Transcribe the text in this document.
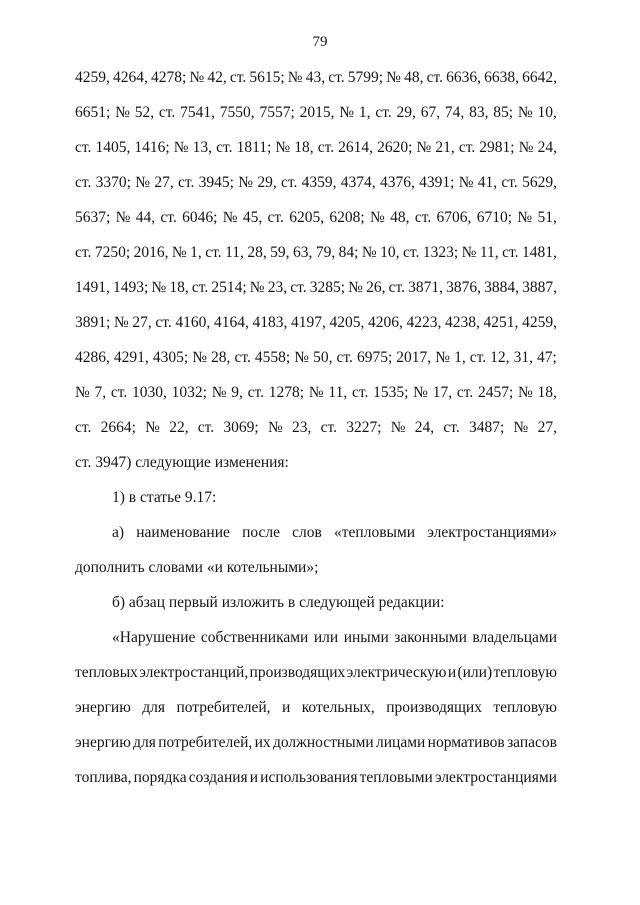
79
4259, 4264, 4278; № 42, ст. 5615; № 43, ст. 5799; № 48, ст. 6636, 6638, 6642,
6651; № 52, ст. 7541, 7550, 7557; 2015, № 1, ст. 29, 67, 74, 83, 85; № 10,
ст. 1405, 1416; № 13, ст. 1811; № 18, ст. 2614, 2620; № 21, ст. 2981; № 24,
ст. 3370; № 27, ст. 3945; № 29, ст. 4359, 4374, 4376, 4391; № 41, ст. 5629,
5637; № 44, ст. 6046; № 45, ст. 6205, 6208; № 48, ст. 6706, 6710; № 51,
ст. 7250; 2016, № 1, ст. 11, 28, 59, 63, 79, 84; № 10, ст. 1323; № 11, ст. 1481,
1491, 1493; № 18, ст. 2514; № 23, ст. 3285; № 26, ст. 3871, 3876, 3884, 3887,
3891; № 27, ст. 4160, 4164, 4183, 4197, 4205, 4206, 4223, 4238, 4251, 4259,
4286, 4291, 4305; № 28, ст. 4558; № 50, ст. 6975; 2017, № 1, ст. 12, 31, 47;
№ 7, ст. 1030, 1032; № 9, ст. 1278; № 11, ст. 1535; № 17, ст. 2457; № 18,
ст. 2664; № 22, ст. 3069; № 23, ст. 3227; № 24, ст. 3487; № 27,
ст. 3947) следующие изменения:
1) в статье 9.17:
а) наименование после слов «тепловыми электростанциями»
дополнить словами «и котельными»;
б) абзац первый изложить в следующей редакции:
«Нарушение собственниками или иными законными владельцами
тепловых электростанций, производящих электрическую и (или) тепловую
энергию для потребителей, и котельных, производящих тепловую
энергию для потребителей, их должностными лицами нормативов запасов
топлива, порядка создания и использования тепловыми электростанциями
